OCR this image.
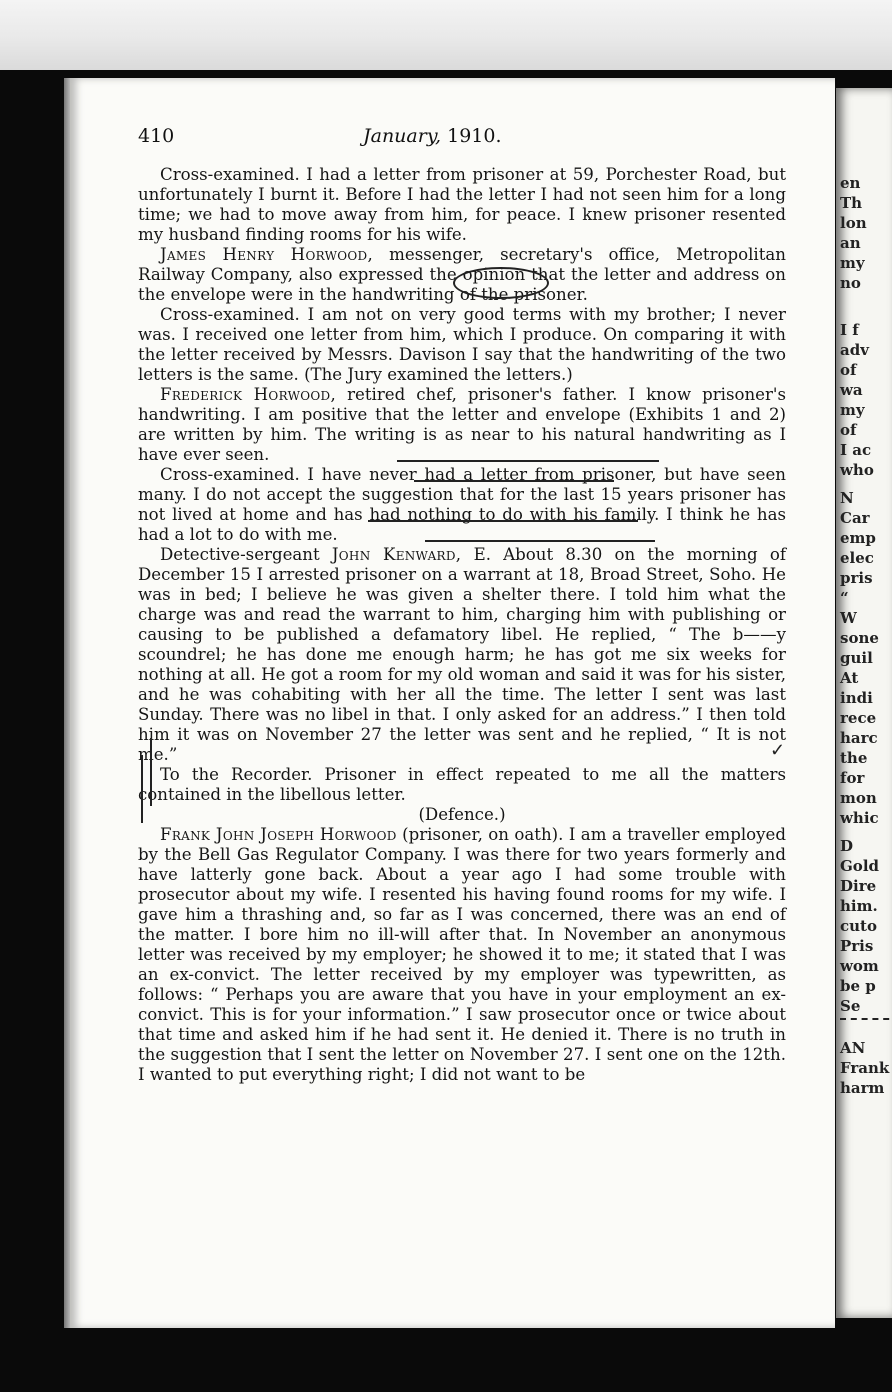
410	January, 1910.

Cross-examined. I had a letter from prisoner at 59, Porchester Road, but unfortunately I burnt it. Before I had the letter I had not seen him for a long time; we had to move away from him, for peace. I knew prisoner resented my husband finding rooms for his wife.

James Henry Horwood, messenger, secretary's office, Metropolitan Railway Company, also expressed the opinion that the letter and address on the envelope were in the handwriting of the prisoner.

Cross-examined. I am not on very good terms with my brother; I never was. I received one letter from him, which I produce. On comparing it with the letter received by Messrs. Davison I say that the handwriting of the two letters is the same. (The Jury examined the letters.)

Frederick Horwood, retired chef, prisoner's father. I know prisoner's handwriting. I am positive that the letter and envelope (Exhibits 1 and 2) are written by him. The writing is as near to his natural handwriting as I have ever seen.

Cross-examined. I have never had a letter from prisoner, but have seen many. I do not accept the suggestion that for the last 15 years prisoner has not lived at home and has had nothing to do with his family. I think he has had a lot to do with me.

Detective-sergeant John Kenward, E. About 8.30 on the morning of December 15 I arrested prisoner on a warrant at 18, Broad Street, Soho. He was in bed; I believe he was given a shelter there. I told him what the charge was and read the warrant to him, charging him with publishing or causing to be published a defamatory libel. He replied, “ The b——y scoundrel; he has done me enough harm; he has got me six weeks for nothing at all. He got a room for my old woman and said it was for his sister, and he was cohabiting with her all the time. The letter I sent was last Sunday. There was no libel in that. I only asked for an address.” I then told him it was on November 27 the letter was sent and he replied, “ It is not me.”

To the Recorder. Prisoner in effect repeated to me all the matters contained in the libellous letter.

(Defence.)

Frank John Joseph Horwood (prisoner, on oath). I am a traveller employed by the Bell Gas Regulator Company. I was there for two years formerly and have latterly gone back. About a year ago I had some trouble with prosecutor about my wife. I resented his having found rooms for my wife. I gave him a thrashing and, so far as I was concerned, there was an end of the matter. I bore him no ill-will after that. In November an anonymous letter was received by my employer; he showed it to me; it stated that I was an ex-convict. The letter received by my employer was typewritten, as follows: “ Perhaps you are aware that you have in your employment an ex-convict. This is for your information.” I saw prosecutor once or twice about that time and asked him if he had sent it. He denied it. There is no truth in the suggestion that I sent the letter on November 27. I sent one on the 12th. I wanted to put everything right; I did not want to be

✓
en
Th
lon
an
my
no
I f
adv
of
wa
my
of
I ac
who
N
Car
emp
elec
pris
“
W
sone
guil
At
indi
rece
harc
the
for
mon
whic
D
Gold
Dire
him.
cuto
Pris
wom
be p
Se
AN
Frank
harm
